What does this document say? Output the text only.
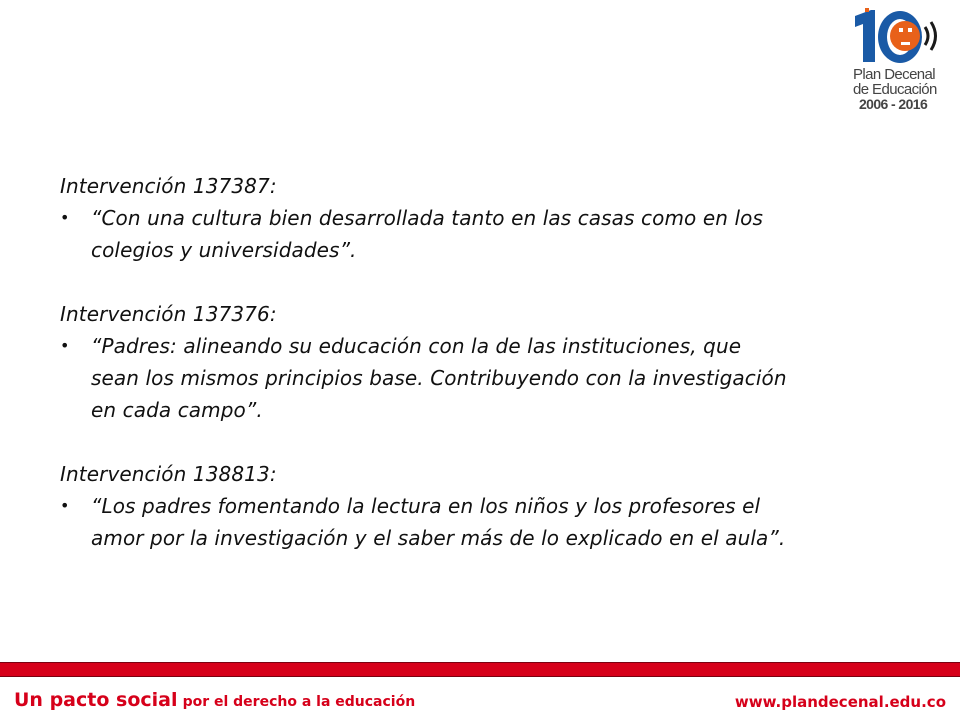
Plan Decenal
de Educación
2006 - 2016
Intervención 137387:
• “Con una cultura bien desarrollada tanto en las casas como en los
colegios y universidades”.
Intervención 137376:
• “Padres: alineando su educación con la de las instituciones, que
sean los mismos principios base. Contribuyendo con la investigación
en cada campo”.
Intervención 138813:
• “Los padres fomentando la lectura en los niños y los profesores el
amor por la investigación y el saber más de lo explicado en el aula”.
Un pacto social por el derecho a la educación	www.plandecenal.edu.co
